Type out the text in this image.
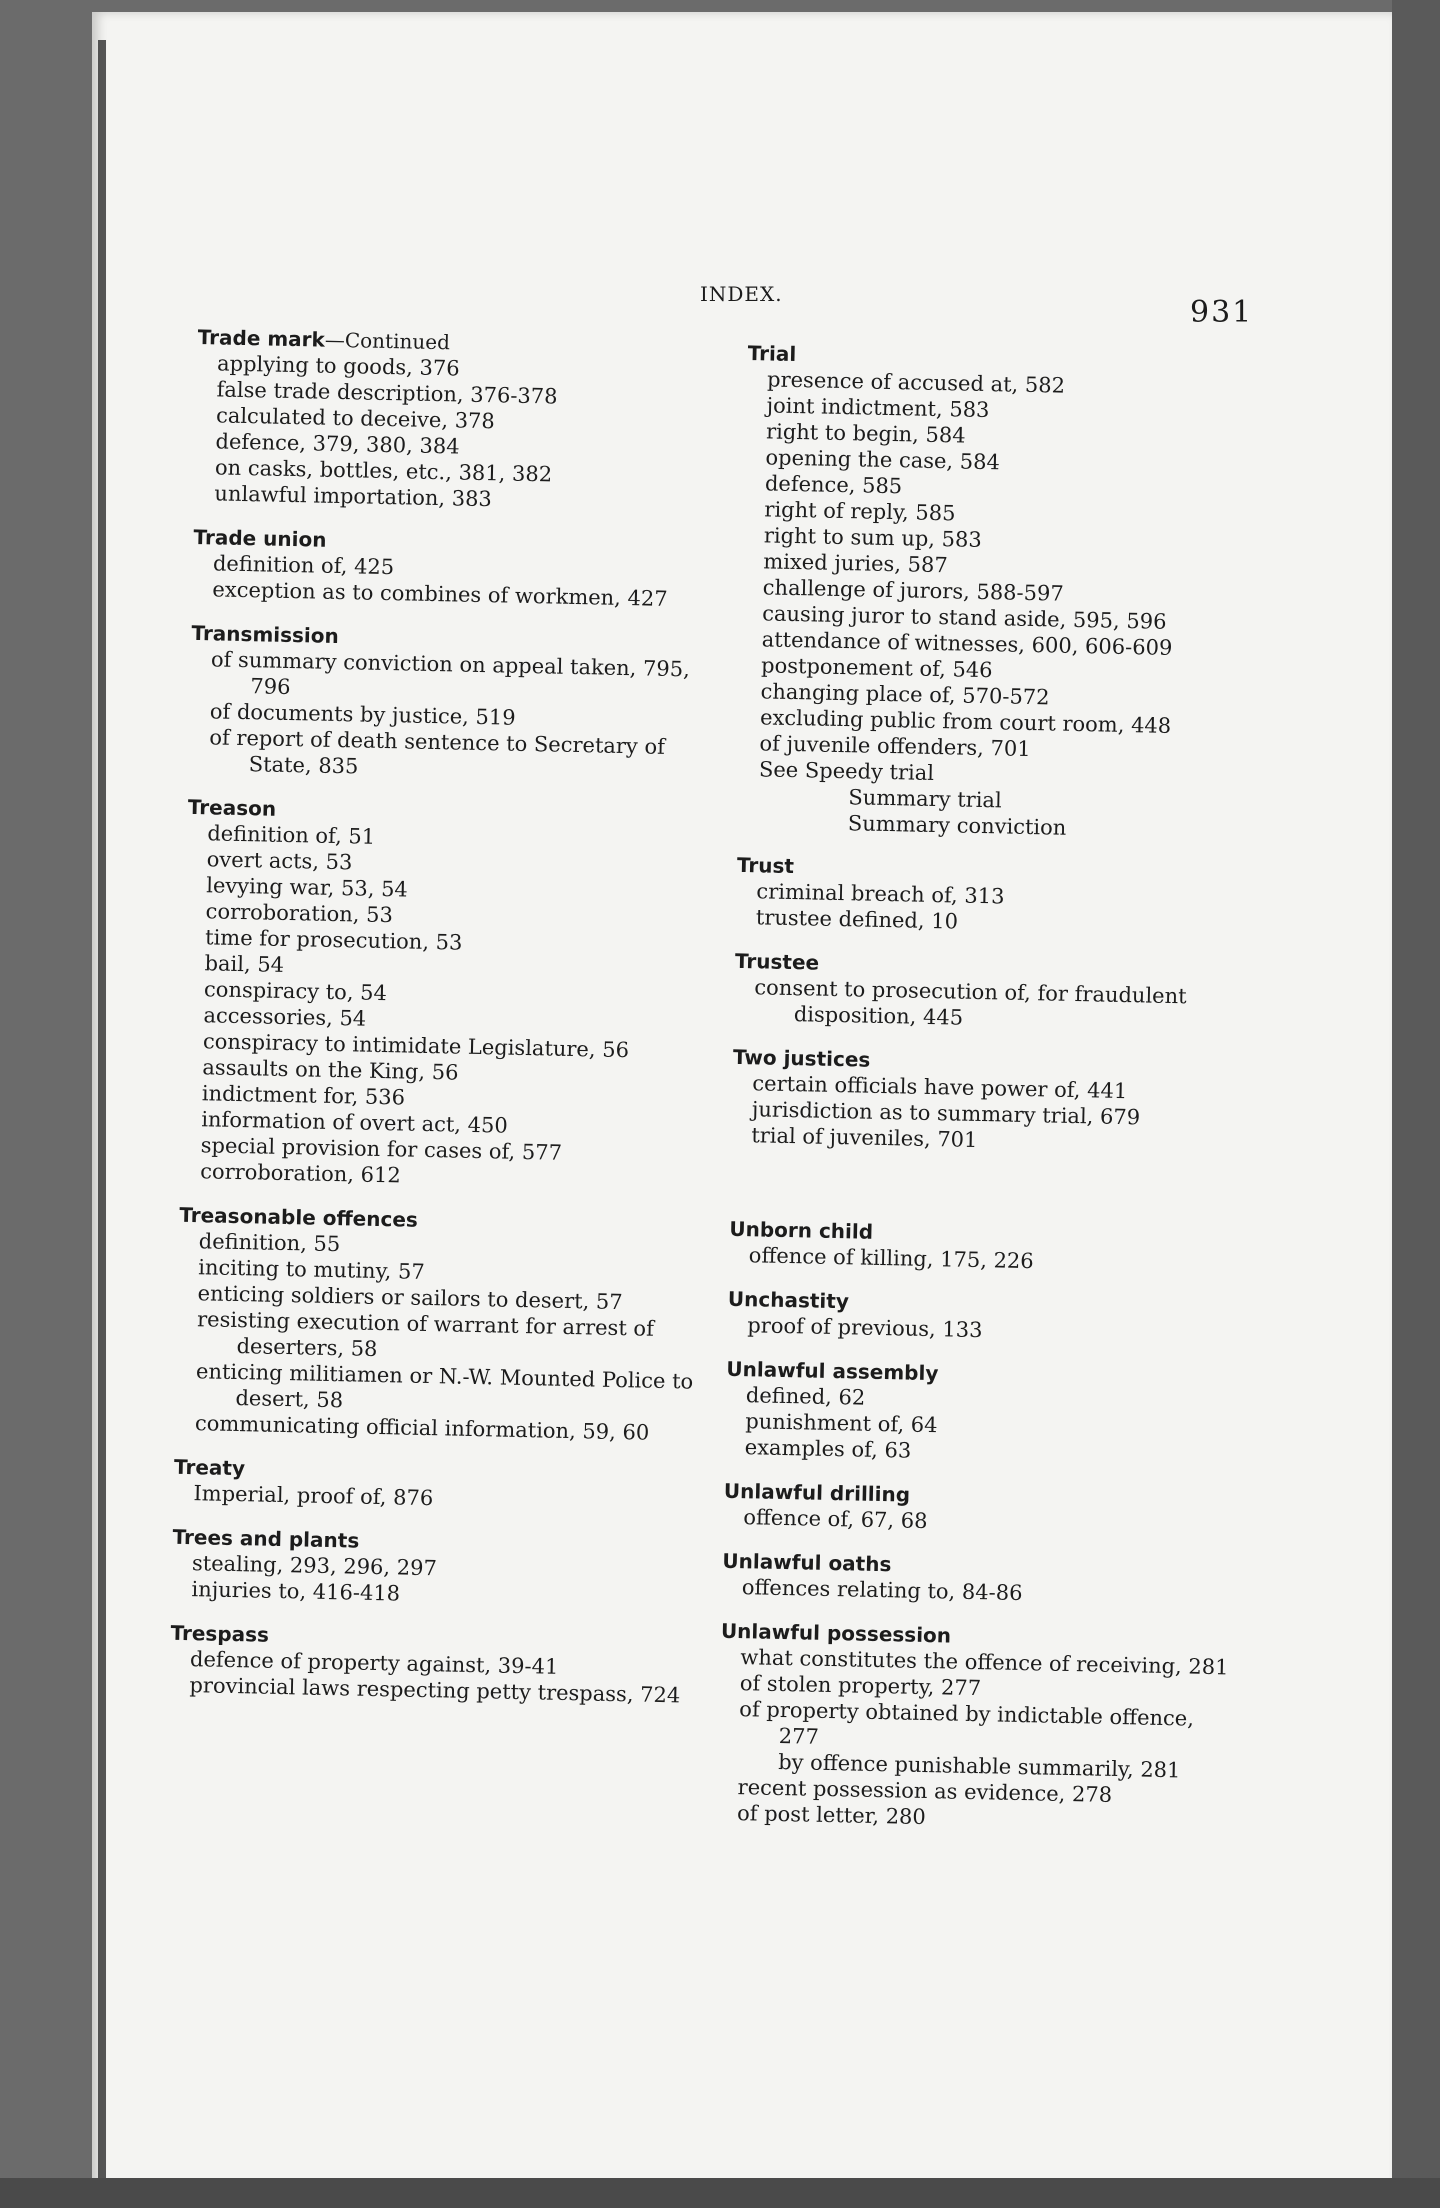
INDEX.
931
Trade mark—Continued
applying to goods, 376
false trade description, 376-378
calculated to deceive, 378
defence, 379, 380, 384
on casks, bottles, etc., 381, 382
unlawful importation, 383
Trade union
definition of, 425
exception as to combines of workmen, 427
Transmission
of summary conviction on appeal taken, 795, 796
of documents by justice, 519
of report of death sentence to Secretary of State, 835
Treason
definition of, 51
overt acts, 53
levying war, 53, 54
corroboration, 53
time for prosecution, 53
bail, 54
conspiracy to, 54
accessories, 54
conspiracy to intimidate Legislature, 56
assaults on the King, 56
indictment for, 536
information of overt act, 450
special provision for cases of, 577
corroboration, 612
Treasonable offences
definition, 55
inciting to mutiny, 57
enticing soldiers or sailors to desert, 57
resisting execution of warrant for arrest of deserters, 58
enticing militiamen or N.-W. Mounted Police to desert, 58
communicating official information, 59, 60
Treaty
Imperial, proof of, 876
Trees and plants
stealing, 293, 296, 297
injuries to, 416-418
Trespass
defence of property against, 39-41
provincial laws respecting petty trespass, 724
Trial
presence of accused at, 582
joint indictment, 583
right to begin, 584
opening the case, 584
defence, 585
right of reply, 585
right to sum up, 583
mixed juries, 587
challenge of jurors, 588-597
causing juror to stand aside, 595, 596
attendance of witnesses, 600, 606-609
postponement of, 546
changing place of, 570-572
excluding public from court room, 448
of juvenile offenders, 701
See Speedy trial
Summary trial
Summary conviction
Trust
criminal breach of, 313
trustee defined, 10
Trustee
consent to prosecution of, for fraudulent disposition, 445
Two justices
certain officials have power of, 441
jurisdiction as to summary trial, 679
trial of juveniles, 701
Unborn child
offence of killing, 175, 226
Unchastity
proof of previous, 133
Unlawful assembly
defined, 62
punishment of, 64
examples of, 63
Unlawful drilling
offence of, 67, 68
Unlawful oaths
offences relating to, 84-86
Unlawful possession
what constitutes the offence of receiving, 281
of stolen property, 277
of property obtained by indictable offence, 277
by offence punishable summarily, 281
recent possession as evidence, 278
of post letter, 280
